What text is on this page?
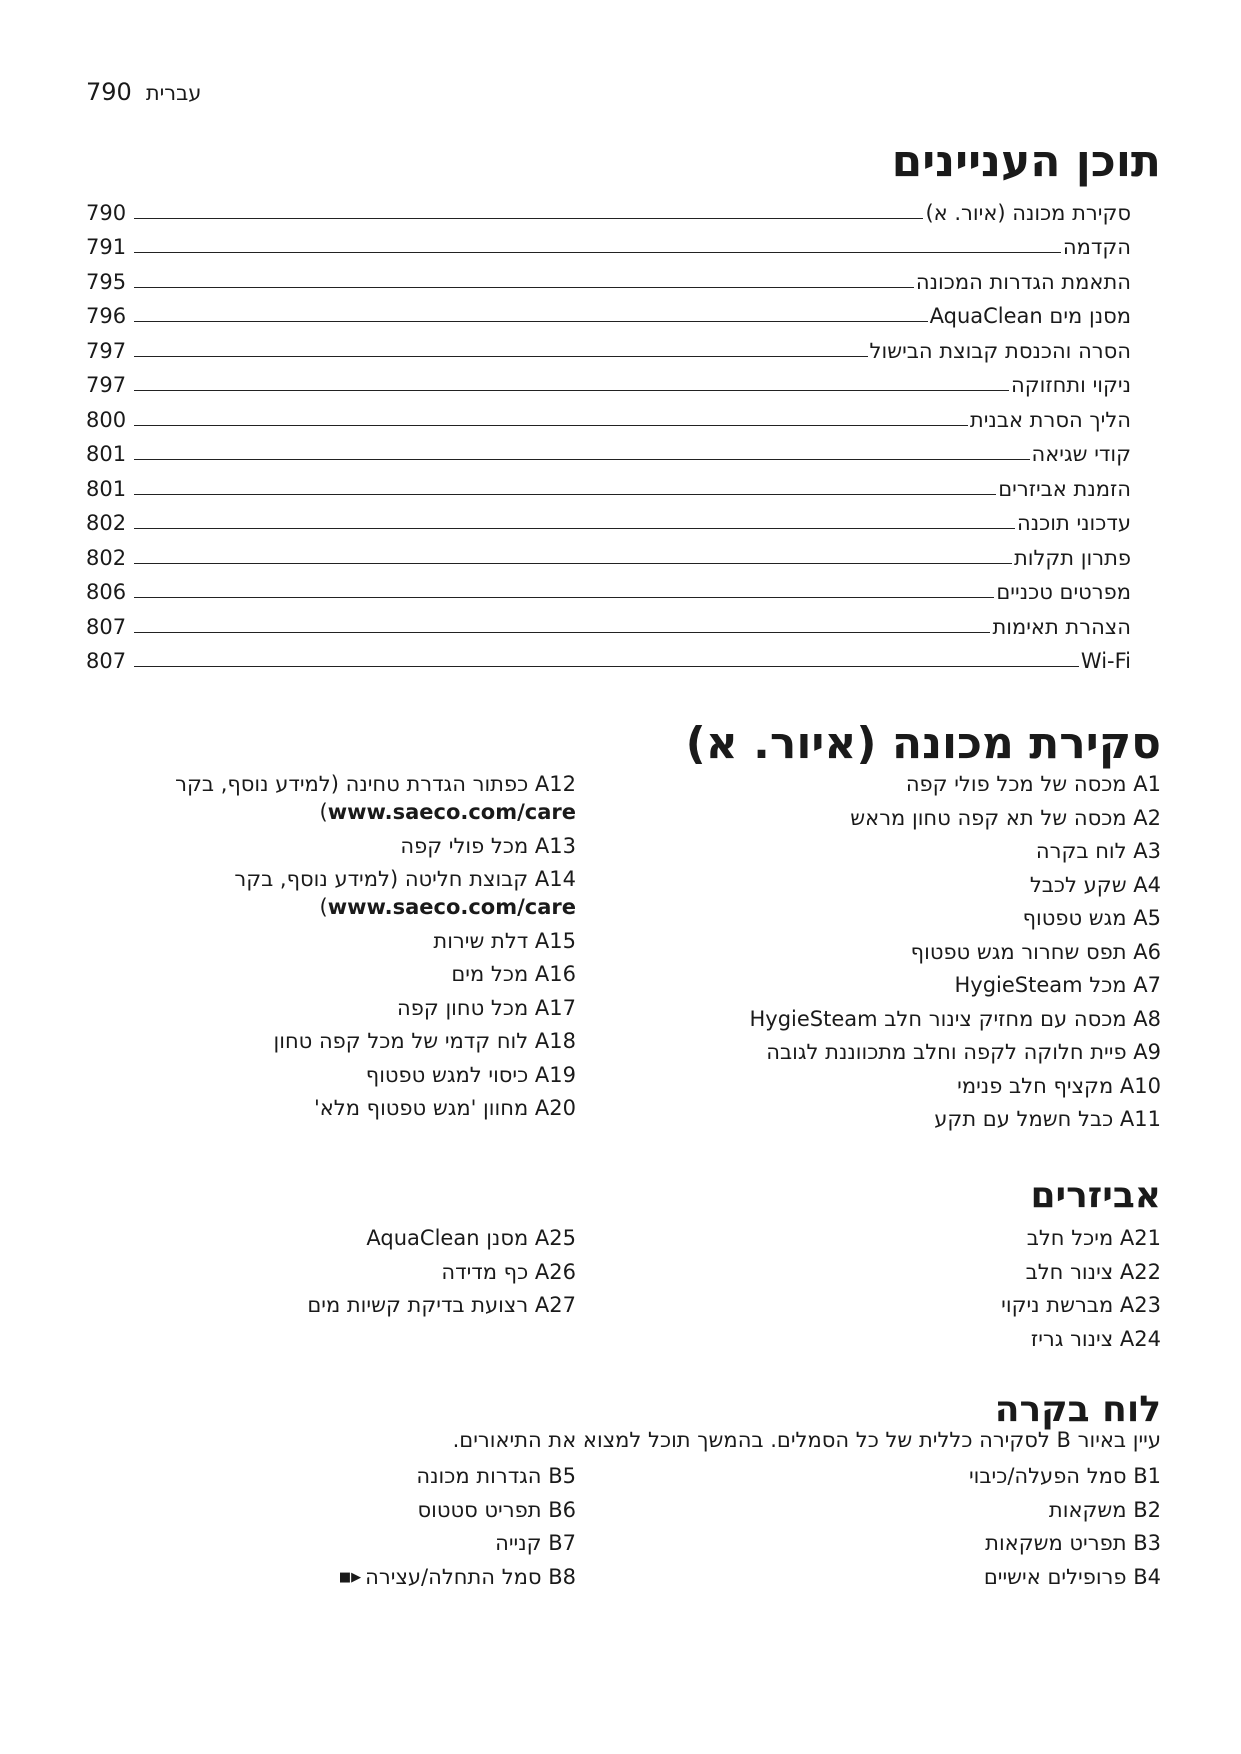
790 עברית
תוכן העניינים
סקירת מכונה (איור. א)
790
הקדמה
791
התאמת הגדרות המכונה
795
מסנן מים AquaClean
796
הסרה והכנסת קבוצת הבישול
797
ניקוי ותחזוקה
797
הליך הסרת אבנית
800
קודי שגיאה
801
הזמנת אביזרים
801
עדכוני תוכנה
802
פתרון תקלות
802
מפרטים טכניים
806
הצהרת תאימות
807
Wi-Fi
807
סקירת מכונה (איור. א)
A1 מכסה של מכל פולי קפה
A2 מכסה של תא קפה טחון מראש
A3 לוח בקרה
A4 שקע לכבל
A5 מגש טפטוף
A6 תפס שחרור מגש טפטוף
A7 מכל HygieSteam
A8 מכסה עם מחזיק צינור חלב HygieSteam
A9 פיית חלוקה לקפה וחלב מתכווננת לגובה
A10 מקציף חלב פנימי
A11 כבל חשמל עם תקע
A12 כפתור הגדרת טחינה (למידע נוסף, בקר
www.saeco.com/care)
A13 מכל פולי קפה
A14 קבוצת חליטה (למידע נוסף, בקר
www.saeco.com/care)
A15 דלת שירות
A16 מכל מים
A17 מכל טחון קפה
A18 לוח קדמי של מכל קפה טחון
A19 כיסוי למגש טפטוף
A20 מחוון 'מגש טפטוף מלא'
אביזרים
A21 מיכל חלב
A22 צינור חלב
A23 מברשת ניקוי
A24 צינור גריז
A25 מסנן AquaClean
A26 כף מדידה
A27 רצועת בדיקת קשיות מים
לוח בקרה

עיין באיור B לסקירה כללית של כל הסמלים. בהמשך תוכל למצוא את התיאורים.

B1 סמל הפעלה/כיבוי
B2 משקאות
B3 תפריט משקאות
B4 פרופילים אישיים
B5 הגדרות מכונה
B6 תפריט סטטוס
B7 קנייה
B8 סמל התחלה/עצירה▶■
